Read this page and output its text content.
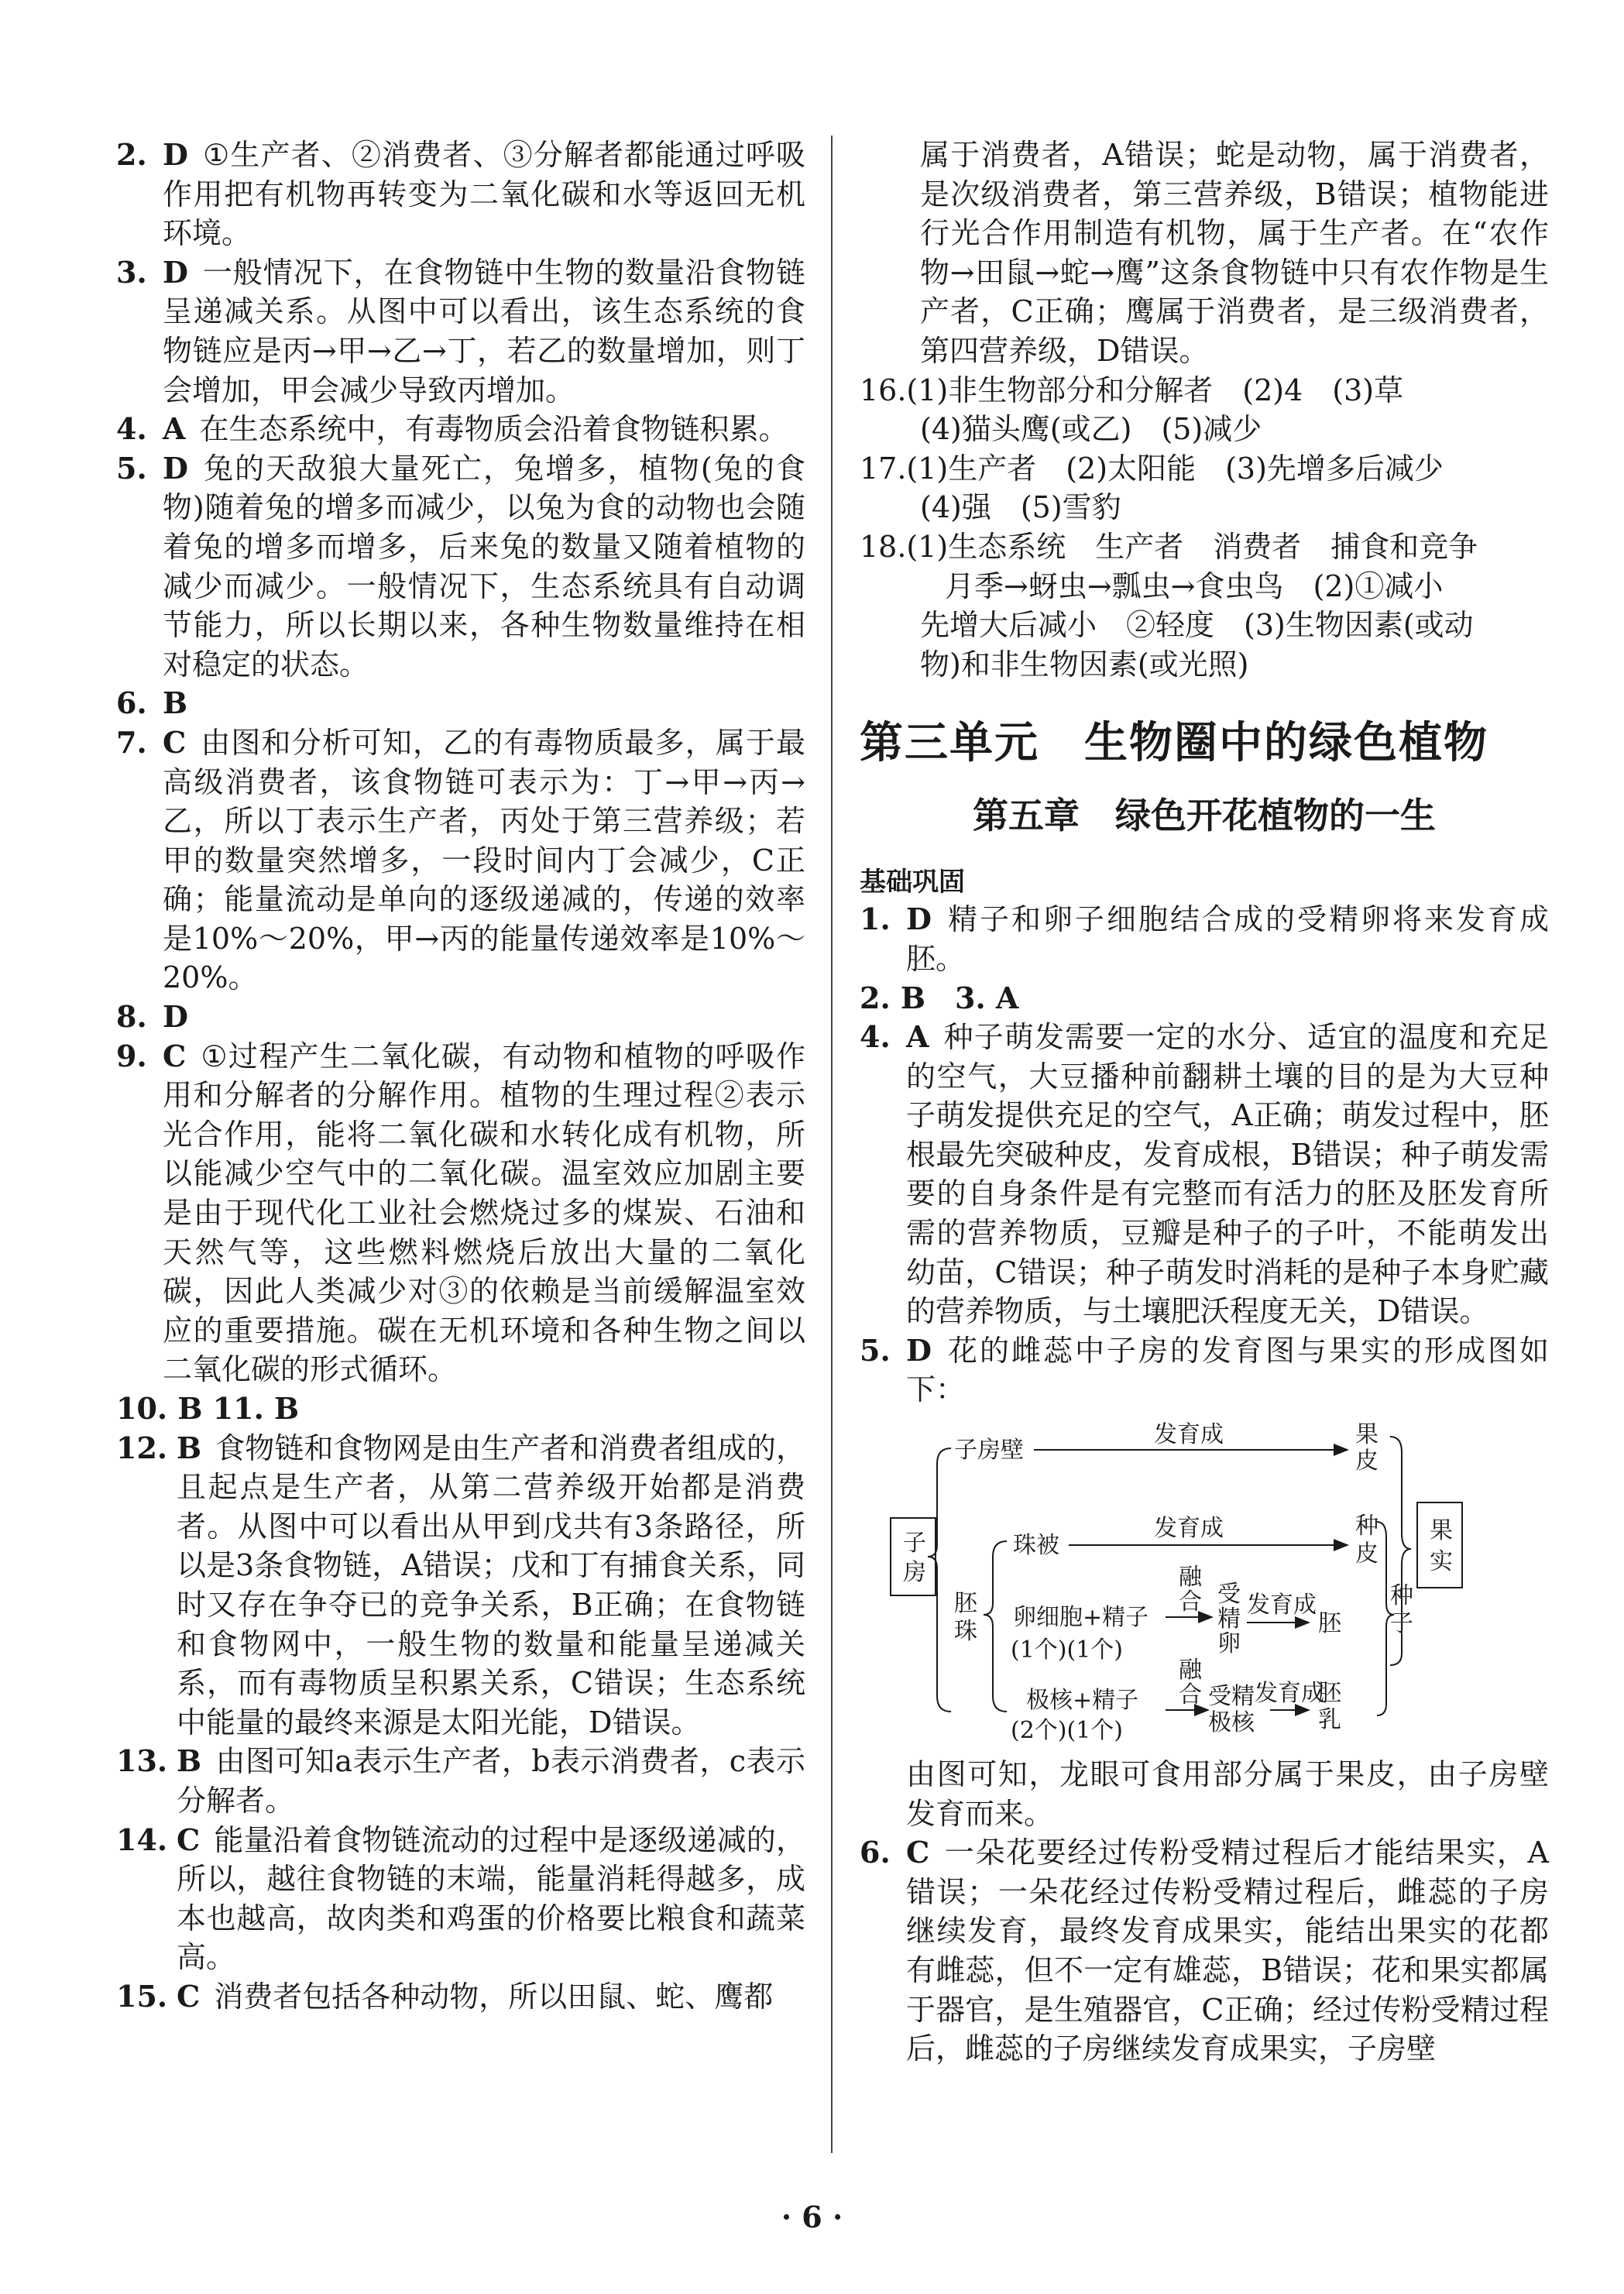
2. D ①生产者、②消费者、③分解者都能通过呼吸作用把有机物再转变为二氧化碳和水等返回无机环境。

3. D 一般情况下，在食物链中生物的数量沿食物链呈递减关系。从图中可以看出，该生态系统的食物链应是丙→甲→乙→丁，若乙的数量增加，则丁会增加，甲会减少导致丙增加。

4. A 在生态系统中，有毒物质会沿着食物链积累。

5. D 兔的天敌狼大量死亡，兔增多，植物(兔的食物)随着兔的增多而减少，以兔为食的动物也会随着兔的增多而增多，后来兔的数量又随着植物的减少而减少。一般情况下，生态系统具有自动调节能力，所以长期以来，各种生物数量维持在相对稳定的状态。

6. B

7. C 由图和分析可知，乙的有毒物质最多，属于最高级消费者，该食物链可表示为：丁→甲→丙→乙，所以丁表示生产者，丙处于第三营养级；若甲的数量突然增多，一段时间内丁会减少，C正确；能量流动是单向的逐级递减的，传递的效率是10%～20%，甲→丙的能量传递效率是10%～20%。

8. D

9. C ①过程产生二氧化碳，有动物和植物的呼吸作用和分解者的分解作用。植物的生理过程②表示光合作用，能将二氧化碳和水转化成有机物，所以能减少空气中的二氧化碳。温室效应加剧主要是由于现代化工业社会燃烧过多的煤炭、石油和天然气等，这些燃料燃烧后放出大量的二氧化碳，因此人类减少对③的依赖是当前缓解温室效应的重要措施。碳在无机环境和各种生物之间以二氧化碳的形式循环。

10. B 11. B

12. B 食物链和食物网是由生产者和消费者组成的，且起点是生产者，从第二营养级开始都是消费者。从图中可以看出从甲到戊共有3条路径，所以是3条食物链，A错误；戊和丁有捕食关系，同时又存在争夺已的竞争关系，B正确；在食物链和食物网中，一般生物的数量和能量呈递减关系，而有毒物质呈积累关系，C错误；生态系统中能量的最终来源是太阳光能，D错误。

13. B 由图可知a表示生产者，b表示消费者，c表示分解者。

14. C 能量沿着食物链流动的过程中是逐级递减的，所以，越往食物链的末端，能量消耗得越多，成本也越高，故肉类和鸡蛋的价格要比粮食和蔬菜高。

15. C 消费者包括各种动物，所以田鼠、蛇、鹰都

属于消费者，A错误；蛇是动物，属于消费者，是次级消费者，第三营养级，B错误；植物能进行光合作用制造有机物，属于生产者。在“农作物→田鼠→蛇→鹰”这条食物链中只有农作物是生产者，C正确；鹰属于消费者，是三级消费者，第四营养级，D错误。

16.(1)非生物部分和分解者　(2)4　(3)草

(4)猫头鹰(或乙)　(5)减少

17.(1)生产者　(2)太阳能　(3)先增多后减少

(4)强　(5)雪豹

18.(1)生态系统　生产者　消费者　捕食和竞争

月季→蚜虫→瓢虫→食虫鸟　(2)①减小

先增大后减小　②轻度　(3)生物因素(或动

物)和非生物因素(或光照)

第三单元　生物圈中的绿色植物
第五章　绿色开花植物的一生
基础巩固

1. D 精子和卵子细胞结合成的受精卵将来发育成胚。

2. B　3. A

4. A 种子萌发需要一定的水分、适宜的温度和充足的空气，大豆播种前翻耕土壤的目的是为大豆种子萌发提供充足的空气，A正确；萌发过程中，胚根最先突破种皮，发育成根，B错误；种子萌发需要的自身条件是有完整而有活力的胚及胚发育所需的营养物质，豆瓣是种子的子叶，不能萌发出幼苗，C错误；种子萌发时消耗的是种子本身贮藏的营养物质，与土壤肥沃程度无关，D错误。

5. D 花的雌蕊中子房的发育图与果实的形成图如下：

子
房
子房壁
发育成	果
皮
果
实
胚
珠
珠被
发育成	种
皮
种
子
卵细胞+精子
(1个)(1个)
融
合 受
精
卵
发育成
胚
极核+精子
(2个)(1个)
融
合 受精
极核
发育成
胚
乳

由图可知，龙眼可食用部分属于果皮，由子房壁发育而来。

6. C 一朵花要经过传粉受精过程后才能结果实，A错误；一朵花经过传粉受精过程后，雌蕊的子房继续发育，最终发育成果实，能结出果实的花都有雌蕊，但不一定有雄蕊，B错误；花和果实都属于器官，是生殖器官，C正确；经过传粉受精过程后，雌蕊的子房继续发育成果实，子房壁

· 6 ·
